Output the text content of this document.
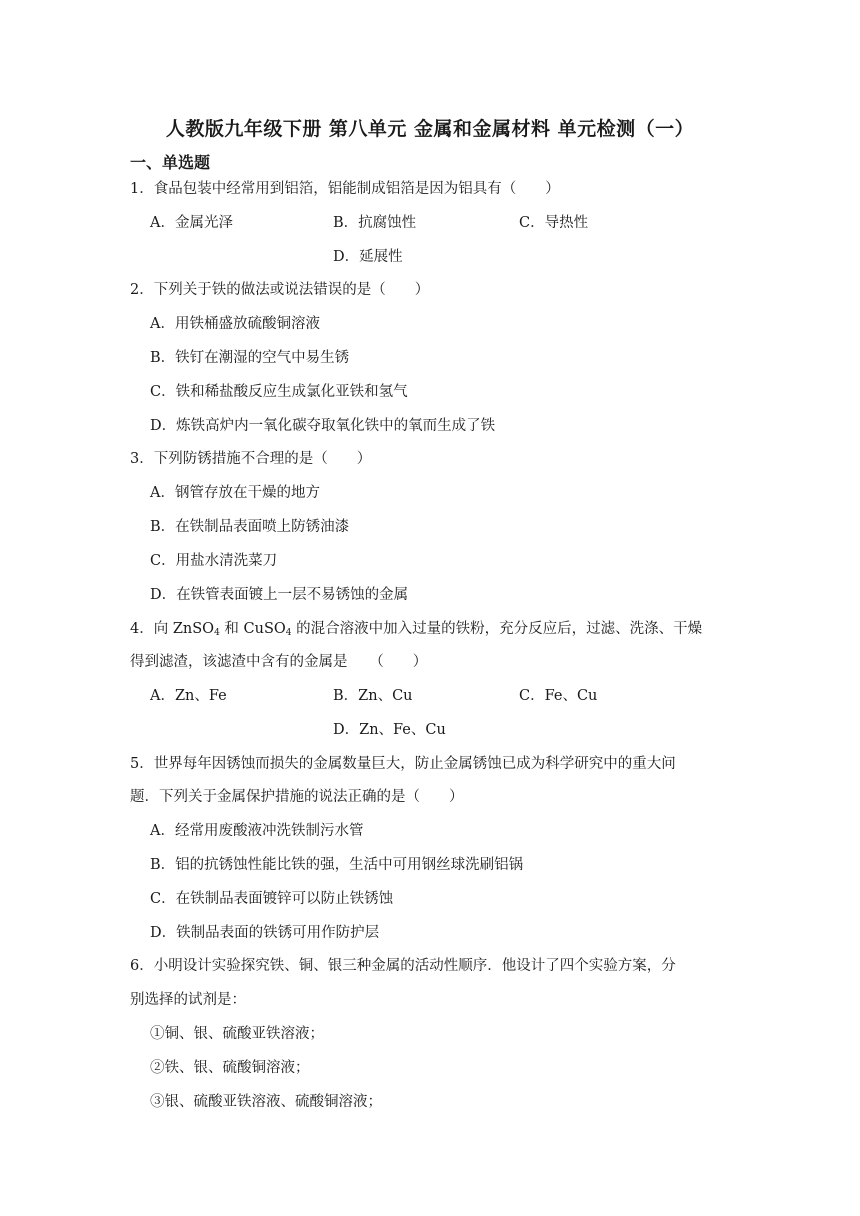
人教版九年级下册 第八单元 金属和金属材料 单元检测（一）
一、单选题
1．食品包装中经常用到铝箔，铝能制成铝箔是因为铝具有（　　）
A．金属光泽	B．抗腐蚀性	C．导热性
D．延展性
2．下列关于铁的做法或说法错误的是（　　）
A．用铁桶盛放硫酸铜溶液
B．铁钉在潮湿的空气中易生锈
C．铁和稀盐酸反应生成氯化亚铁和氢气
D．炼铁高炉内一氧化碳夺取氧化铁中的氧而生成了铁
3．下列防锈措施不合理的是（　　）
A．钢管存放在干燥的地方
B．在铁制品表面喷上防锈油漆
C．用盐水清洗菜刀
D．在铁管表面镀上一层不易锈蚀的金属
4．向 ZnSO$_4$ 和 CuSO$_4$ 的混合溶液中加入过量的铁粉，充分反应后，过滤、洗涤、干燥
得到滤渣，该滤渣中含有的金属是　　（　　）
A．Zn、Fe	B．Zn、Cu	C．Fe、Cu
D．Zn、Fe、Cu
5．世界每年因锈蚀而损失的金属数量巨大，防止金属锈蚀已成为科学研究中的重大问
题．下列关于金属保护措施的说法正确的是（　　）
A．经常用废酸液冲洗铁制污水管
B．铝的抗锈蚀性能比铁的强，生活中可用钢丝球洗刷铝锅
C．在铁制品表面镀锌可以防止铁锈蚀
D．铁制品表面的铁锈可用作防护层
6．小明设计实验探究铁、铜、银三种金属的活动性顺序．他设计了四个实验方案，分
别选择的试剂是：
①铜、银、硫酸亚铁溶液；
②铁、银、硫酸铜溶液；
③银、硫酸亚铁溶液、硫酸铜溶液；
